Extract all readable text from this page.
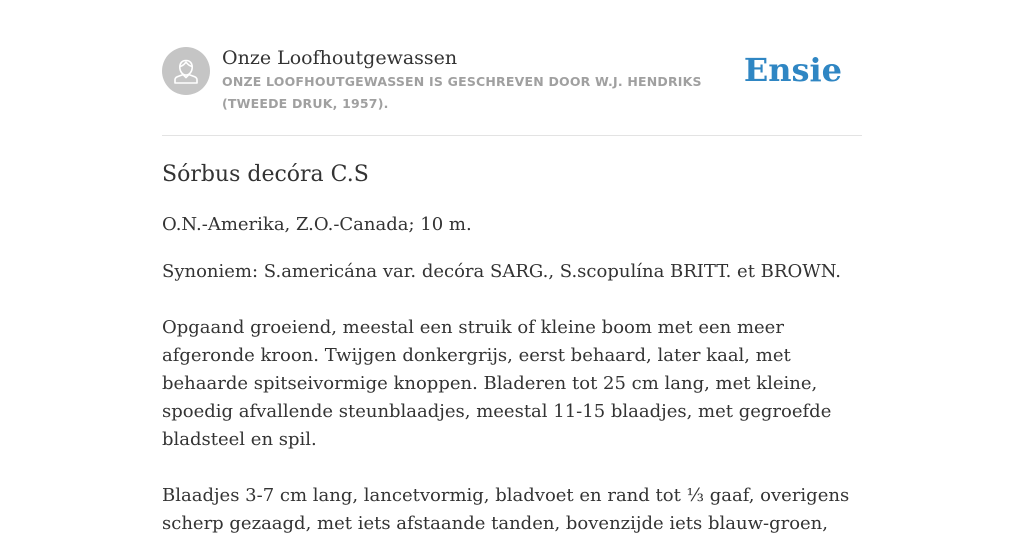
Onze Loofhoutgewassen
ONZE LOOFHOUTGEWASSEN IS GESCHREVEN DOOR W.J. HENDRIKS (TWEEDE DRUK, 1957).
Ensie
Sórbus decóra C.S

O.N.-Amerika, Z.O.-Canada; 10 m.

Synoniem: S.americána var. decóra SARG., S.scopulína BRITT. et BROWN.

Opgaand groeiend, meestal een struik of kleine boom met een meer afgeronde kroon. Twijgen donkergrijs, eerst behaard, later kaal, met behaarde spitseivormige knoppen. Bladeren tot 25 cm lang, met kleine, spoedig afvallende steunblaadjes, meestal 11-15 blaadjes, met gegroefde bladsteel en spil.

Blaadjes 3-7 cm lang, lancetvormig, bladvoet en rand tot ⅓ gaaf, overigens scherp gezaagd, met iets afstaande tanden, bovenzijde iets blauw-groen,
